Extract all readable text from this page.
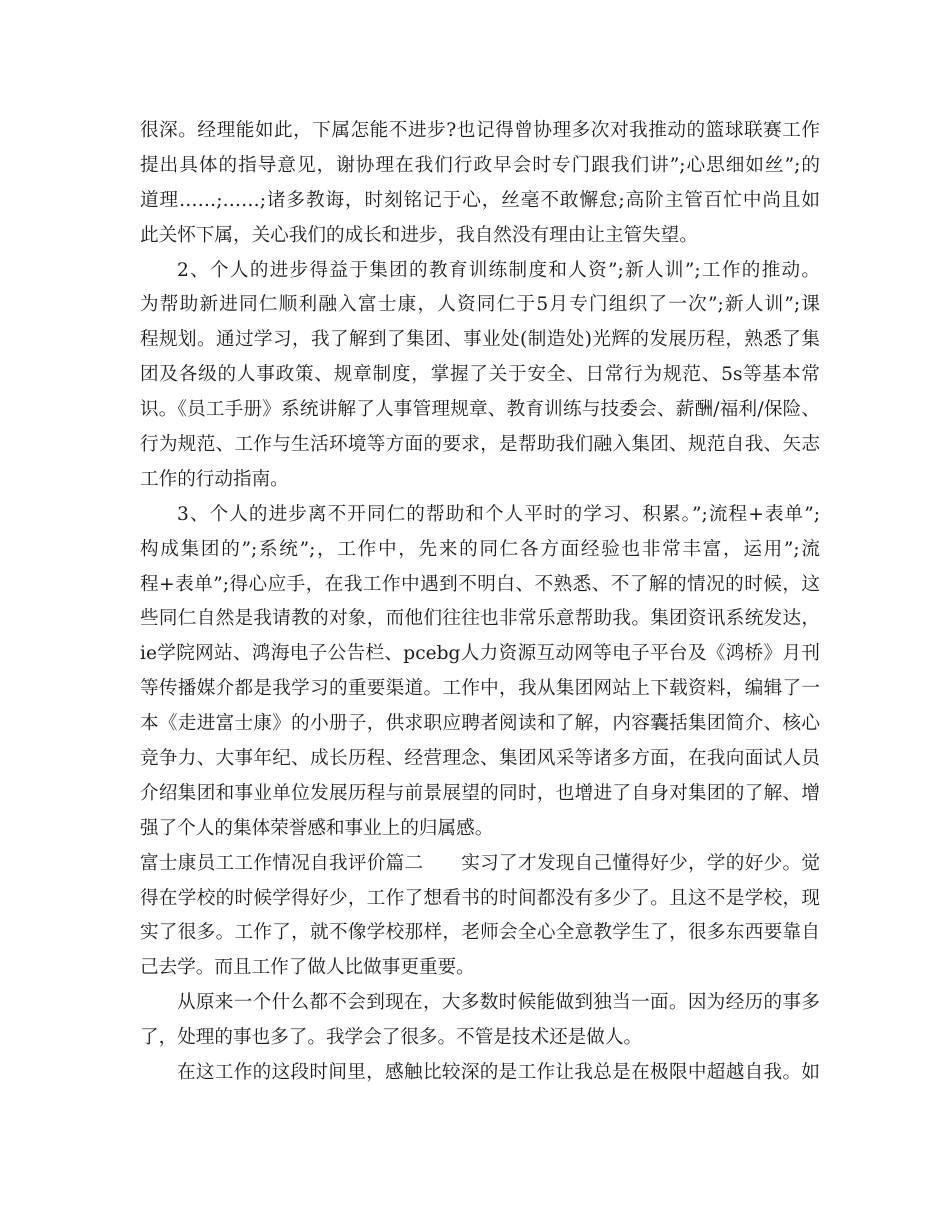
很深。经理能如此，下属怎能不进步?也记得曾协理多次对我推动的篮球联赛工作
提出具体的指导意见，谢协理在我们行政早会时专门跟我们讲”;心思细如丝”;的
道理……;……;诸多教诲，时刻铭记于心，丝毫不敢懈怠;高阶主管百忙中尚且如
此关怀下属，关心我们的成长和进步，我自然没有理由让主管失望。
2、个人的进步得益于集团的教育训练制度和人资”;新人训”;工作的推动。
为帮助新进同仁顺利融入富士康，人资同仁于5月专门组织了一次”;新人训”;课
程规划。通过学习，我了解到了集团、事业处(制造处)光辉的发展历程，熟悉了集
团及各级的人事政策、规章制度，掌握了关于安全、日常行为规范、5s等基本常
识。《员工手册》系统讲解了人事管理规章、教育训练与技委会、薪酬/福利/保险、
行为规范、工作与生活环境等方面的要求，是帮助我们融入集团、规范自我、矢志
工作的行动指南。
3、个人的进步离不开同仁的帮助和个人平时的学习、积累。”;流程+表单”;
构成集团的”;系统”;，工作中，先来的同仁各方面经验也非常丰富，运用”;流
程+表单”;得心应手，在我工作中遇到不明白、不熟悉、不了解的情况的时候，这
些同仁自然是我请教的对象，而他们往往也非常乐意帮助我。集团资讯系统发达，
ie学院网站、鸿海电子公告栏、pcebg人力资源互动网等电子平台及《鸿桥》月刊
等传播媒介都是我学习的重要渠道。工作中，我从集团网站上下载资料，编辑了一
本《走进富士康》的小册子，供求职应聘者阅读和了解，内容囊括集团简介、核心
竞争力、大事年纪、成长历程、经营理念、集团风采等诸多方面，在我向面试人员
介绍集团和事业单位发展历程与前景展望的同时，也增进了自身对集团的了解、增
强了个人的集体荣誉感和事业上的归属感。
富士康员工工作情况自我评价篇二　　实习了才发现自己懂得好少，学的好少。觉
得在学校的时候学得好少，工作了想看书的时间都没有多少了。且这不是学校，现
实了很多。工作了，就不像学校那样，老师会全心全意教学生了，很多东西要靠自
己去学。而且工作了做人比做事更重要。
从原来一个什么都不会到现在，大多数时候能做到独当一面。因为经历的事多
了，处理的事也多了。我学会了很多。不管是技术还是做人。
在这工作的这段时间里，感触比较深的是工作让我总是在极限中超越自我。如
